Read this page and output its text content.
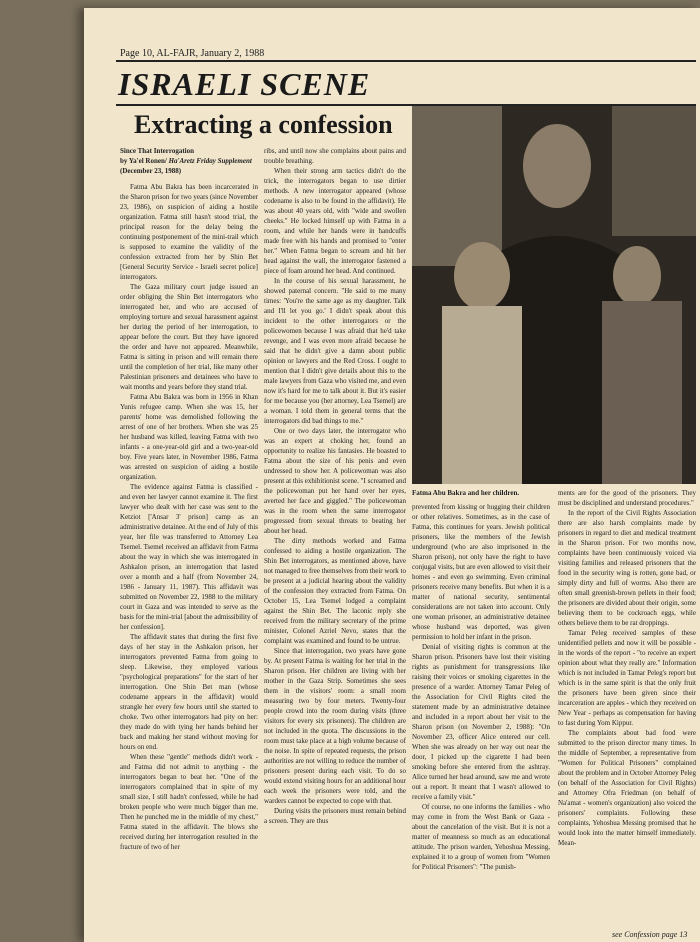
Page 10, AL-FAJR, January 2, 1988
ISRAELI SCENE
Extracting a confession
Since That Interrogation
by Ya'el Ronen/ Ha'Aretz Friday Supplement
(December 23, 1988)

Fatma Abu Bakra has been incarcerated in the Sharon prison for two years (since November 23, 1986), on suspicion of aiding a hostile organization. Fatma still hasn't stood trial, the principal reason for the delay being the continuing postponement of the mini-trail which is supposed to examine the validity of the confession extracted from her by Shin Bet [General Security Service - Israeli secret police] interrogators.

The Gaza military court judge issued an order obliging the Shin Bet interrogators who interrogated her, and who are accused of employing torture and sexual harassment against her during the period of her interrogation, to appear before the court. But they have ignored the order and have not appeared. Meanwhile, Fatma is sitting in prison and will remain there until the completion of her trial, like many other Palestinian prisoners and detainees who have to wait months and years before they stand trial.

Fatma Abu Bakra was born in 1956 in Khan Yunis refugee camp. When she was 15, her parents' home was demolished following the arrest of one of her brothers. When she was 25 her husband was killed, leaving Fatma with two infants - a one-year-old girl and a two-year-old boy. Five years later, in November 1986, Fatma was arrested on suspicion of aiding a hostile organization.

The evidence against Fatma is classified - and even her lawyer cannot examine it. The first lawyer who dealt with her case was sent to the Ketziot ['Ansar 3' prison] camp as an administrative detainee. At the end of July of this year, her file was transferred to Attorney Lea Tsemel. Tsemel received an affidavit from Fatma about the way in which she was interrogated in Ashkalon prison, an interrogation that lasted over a month and a half (from November 24, 1986 - January 11, 1987). This affidavit was submitted on November 22, 1988 to the military court in Gaza and was intended to serve as the basis for the mini-trial [about the admissibility of her confession].

The affidavit states that during the first five days of her stay in the Ashkalon prison, her interrogators prevented Fatma from going to sleep. Likewise, they employed various "psychological preparations" for the start of her interrogation. One Shin Bet man (whose codename appears in the affidavit) would strangle her every few hours until she started to choke. Two other interrogators had pity on her: they made do with tying her hands behind her back and making her stand without moving for hours on end.

When these "gentle" methods didn't work - and Fatma did not admit to anything - the interrogators began to beat her. "One of the interrogators complained that in spite of my small size, I still hadn't confessed, while he had broken people who were much bigger than me. Then he punched me in the middle of my chest," Fatma stated in the affidavit. The blows she received during her interrogation resulted in the fracture of two of her

ribs, and until now she complains about pains and trouble breathing.

When their strong arm tactics didn't do the trick, the interrogators began to use dirtier methods. A new interrogator appeared (whose codename is also to be found in the affidavit). He was about 40 years old, with "wide and swollen cheeks." He locked himself up with Fatma in a room, and while her hands were in handcuffs made free with his hands and promised to "enter her." When Fatma began to scream and hit her head against the wall, the interrogator fastened a piece of foam around her head. And continued.

In the course of his sexual harassment, he showed paternal concern. "He said to me many times: 'You're the same age as my daughter. Talk and I'll let you go.' I didn't speak about this incident to the other interrogators or the policewomen because I was afraid that he'd take revenge, and I was even more afraid because he said that he didn't give a damn about public opinion or lawyers and the Red Cross. I ought to mention that I didn't give details about this to the male lawyers from Gaza who visited me, and even now it's hard for me to talk about it. But it's easier for me because you (her attorney, Lea Tsemel) are a woman. I told them in general terms that the interrogators did bad things to me."

One or two days later, the interrogator who was an expert at choking her, found an opportunity to realize his fantasies. He boasted to Fatma about the size of his penis and even undressed to show her. A policewoman was also present at this exhibitionist scene. "I screamed and the policewoman put her hand over her eyes, averted her face and giggled." The policewoman was in the room when the same interrogator progressed from sexual threats to beating her about her head.

The dirty methods worked and Fatma confessed to aiding a hostile organization. The Shin Bet interrogators, as mentioned above, have not managed to free themselves from their work to be present at a judicial hearing about the validity of the confession they extracted from Fatma. On October 15, Lea Tsemel lodged a complaint against the Shin Bet. The laconic reply she received from the military secretary of the prime minister, Colonel Azriel Nevo, states that the complaint was examined and found to be untrue.

Since that interrogation, two years have gone by. At present Fatma is waiting for her trial in the Sharon prison. Her children are living with her mother in the Gaza Strip. Sometimes she sees them in the visitors' room: a small room measuring two by four meters. Twenty-four people crowd into the room during visits (three visitors for every six prisoners). The children are not included in the quota. The discussions in the room must take place at a high volume because of the noise. In spite of repeated requests, the prison authorities are not willing to reduce the number of prisoners present during each visit. To do so would extend visiting hours for an additional hour each week the prisoners were told, and the warders cannot be expected to cope with that.

During visits the prisoners must remain behind a screen. They are thus

Fatma Abu Bakra and her children.

prevented from kissing or hugging their children or other relatives. Sometimes, as in the case of Fatma, this continues for years. Jewish political prisoners, like the members of the Jewish underground (who are also imprisoned in the Sharon prison), not only have the right to have conjugal visits, but are even allowed to visit their homes - and even go swimming. Even criminal prisoners receive many benefits. But when it is a matter of national security, sentimental considerations are not taken into account. Only one woman prisoner, an administrative detainee whose husband was deported, was given permission to hold her infant in the prison.

Denial of visiting rights is common at the Sharon prison. Prisoners have lost their visiting rights as punishment for transgressions like raising their voices or smoking cigarettes in the presence of a warder. Attorney Tamar Peleg of the Association for Civil Rights cited the statement made by an administrative detainee and included in a report about her visit to the Sharon prison (on November 2, 1988): "On November 23, officer Alice entered our cell. When she was already on her way out near the door, I picked up the cigarette I had been smoking before she entered from the ashtray. Alice turned her head around, saw me and wrote out a report. It meant that I wasn't allowed to receive a family visit."

Of course, no one informs the families - who may come in from the West Bank or Gaza - about the cancelation of the visit. But it is not a matter of meanness so much as an educational attitude. The prison warden, Yehoshua Messing, explained it to a group of women from "Women for Political Prisoners": "The punish-

ments are for the good of the prisoners. They must be disciplined and understand procedures."

In the report of the Civil Rights Association there are also harsh complaints made by prisoners in regard to diet and medical treatment in the Sharon prison. For two months now, complaints have been continuously voiced via visiting families and released prisoners that the food in the security wing is rotten, gone bad, or simply dirty and full of worms. Also there are often small greenish-brown pellets in their food; the prisoners are divided about their origin, some believing them to be cockroach eggs, while others believe them to be rat droppings.

Tamar Peleg received samples of these unidentified pellets and now it will be possible - in the words of the report - "to receive an expert opinion about what they really are." Information which is not included in Tamar Peleg's report but which is in the same spirit is that the only fruit the prisoners have been given since their incarceration are apples - which they received on New Year - perhaps as compensation for having to fast during Yom Kippur.

The complaints about bad food were submitted to the prison director many times. In the middle of September, a representative from "Women for Political Prisoners" complained about the problem and in October Attorney Peleg (on behalf of the Association for Civil Rights) and Attorney Ofra Friedman (on behalf of Na'amat - women's organization) also voiced the prisoners' complaints. Following these complaints, Yehoshua Messing promised that he would look into the matter himself immediately. Mean-

see Confession page 13
